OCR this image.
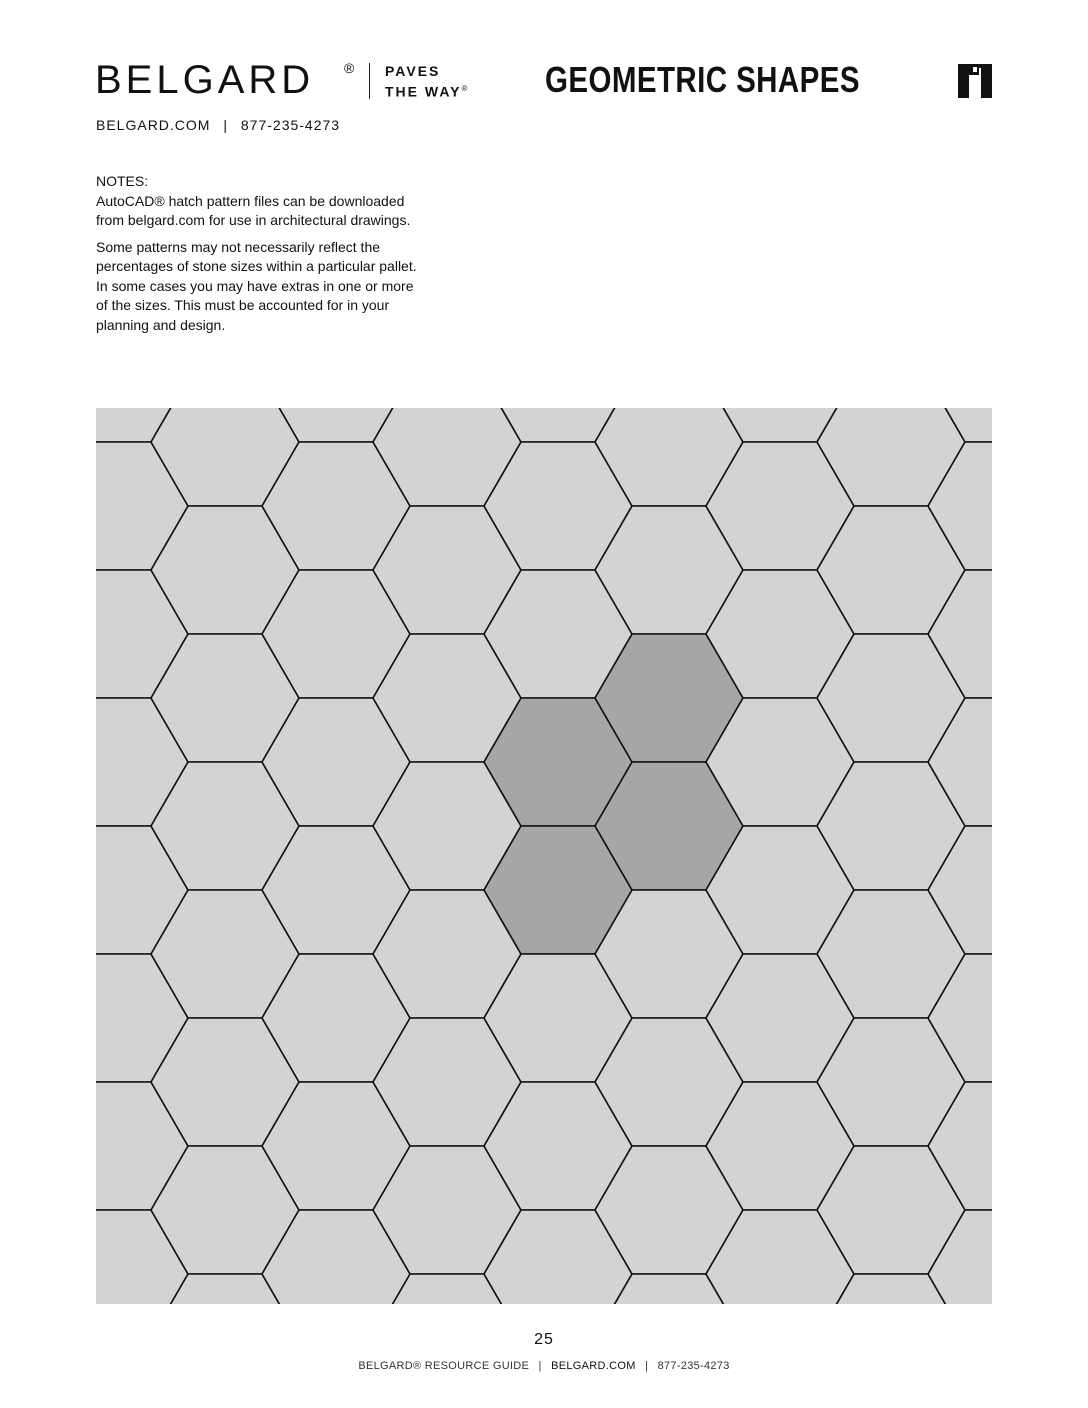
BELGARD ® PAVES
THE WAY® GEOMETRIC SHAPES
BELGARD.COM | 877-235-4273
NOTES:

AutoCAD® hatch pattern files can be downloaded from belgard.com for use in architectural drawings.

Some patterns may not necessarily reflect the percentages of stone sizes within a particular pallet. In some cases you may have extras in one or more of the sizes. This must be accounted for in your planning and design.

25
BELGARD® RESOURCE GUIDE | BELGARD.COM | 877-235-4273
